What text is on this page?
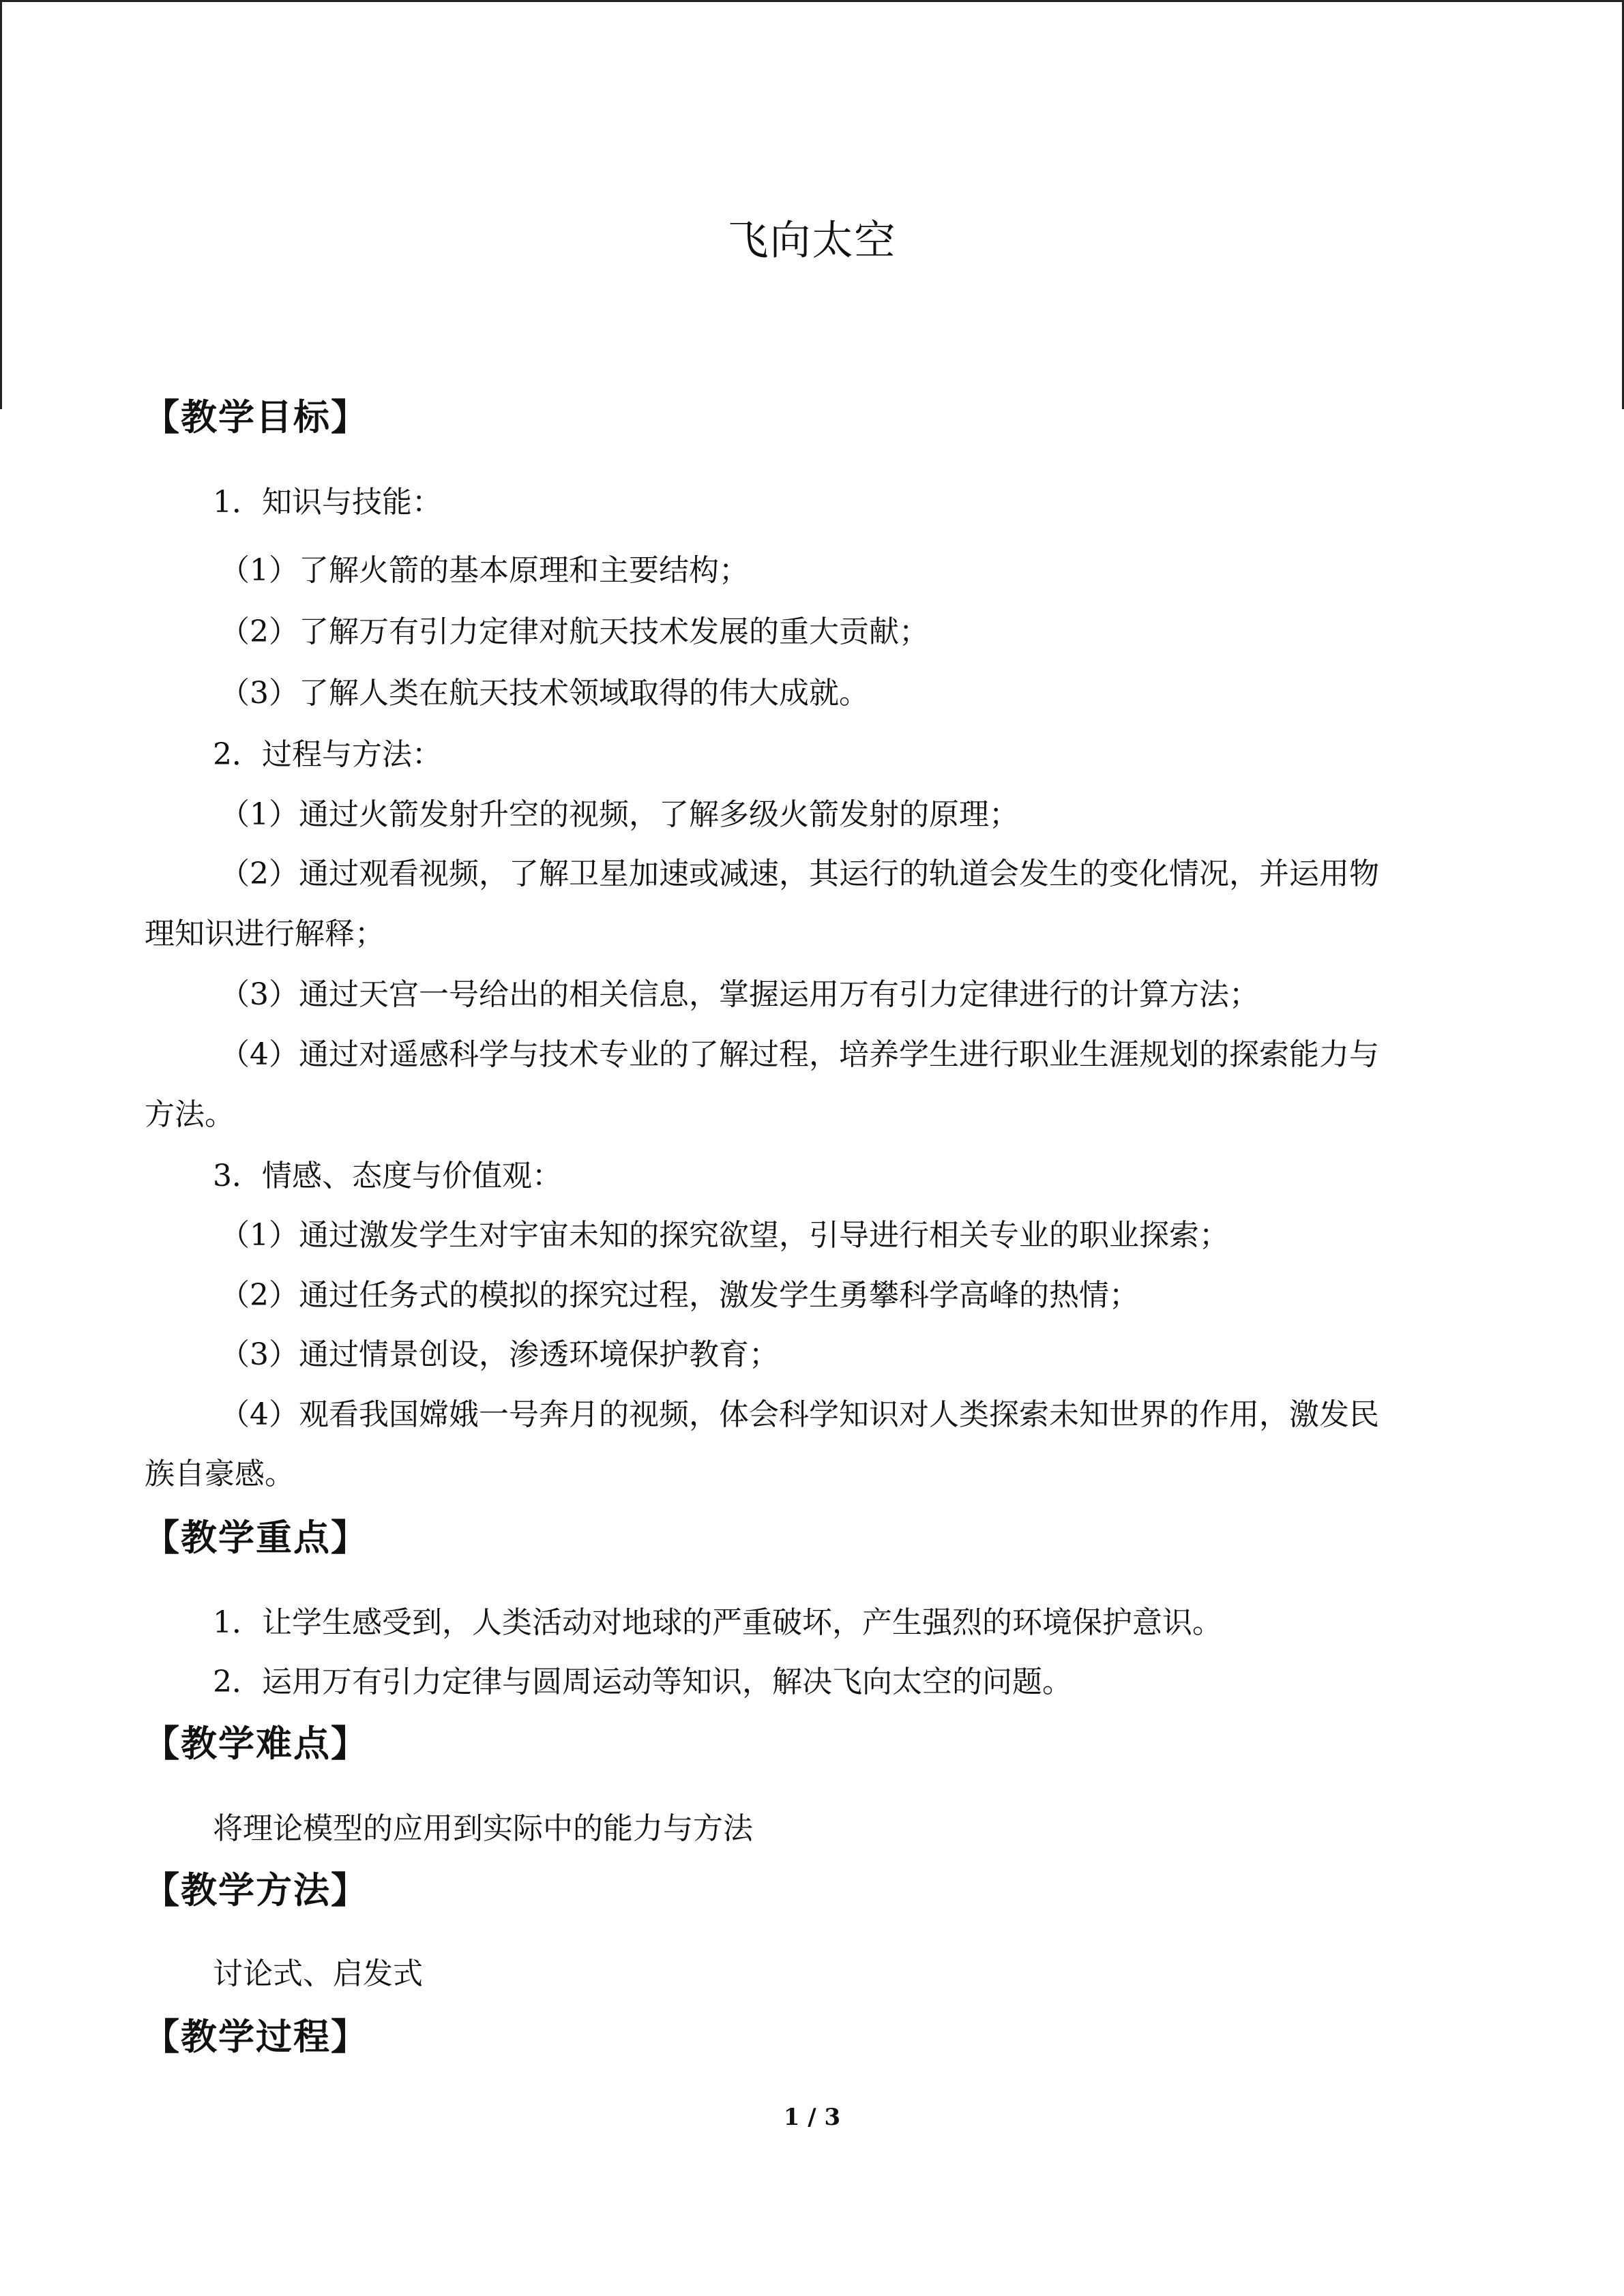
飞向太空
【教学目标】
1．知识与技能：
（1）了解火箭的基本原理和主要结构；
（2）了解万有引力定律对航天技术发展的重大贡献；
（3）了解人类在航天技术领域取得的伟大成就。
2．过程与方法：
（1）通过火箭发射升空的视频，了解多级火箭发射的原理；
（2）通过观看视频，了解卫星加速或减速，其运行的轨道会发生的变化情况，并运用物
理知识进行解释；
（3）通过天宫一号给出的相关信息，掌握运用万有引力定律进行的计算方法；
（4）通过对遥感科学与技术专业的了解过程，培养学生进行职业生涯规划的探索能力与
方法。
3．情感、态度与价值观：
（1）通过激发学生对宇宙未知的探究欲望，引导进行相关专业的职业探索；
（2）通过任务式的模拟的探究过程，激发学生勇攀科学高峰的热情；
（3）通过情景创设，渗透环境保护教育；
（4）观看我国嫦娥一号奔月的视频，体会科学知识对人类探索未知世界的作用，激发民
族自豪感。
【教学重点】
1．让学生感受到，人类活动对地球的严重破坏，产生强烈的环境保护意识。
2．运用万有引力定律与圆周运动等知识，解决飞向太空的问题。
【教学难点】
将理论模型的应用到实际中的能力与方法
【教学方法】
讨论式、启发式
【教学过程】
1 / 3
